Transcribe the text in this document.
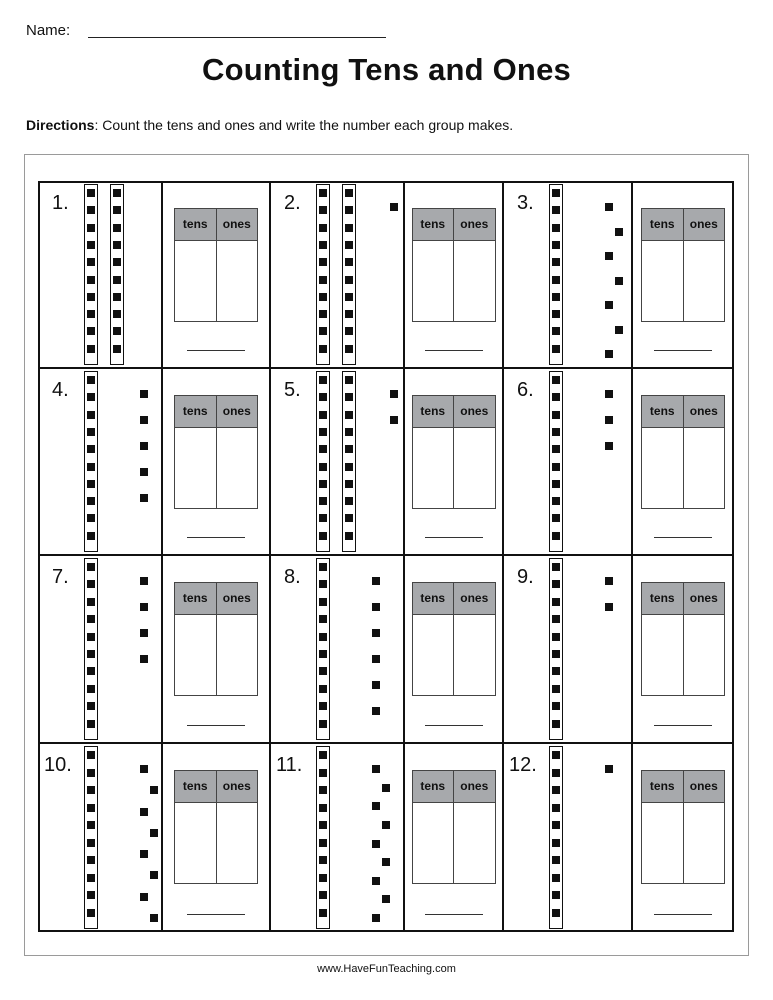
Name:
Counting Tens and Ones
Directions: Count the tens and ones and write the number each group makes.
1.
tens	ones
2.
tens	ones
3.
tens	ones
4.
tens	ones
5.
tens	ones
6.
tens	ones
7.
tens	ones
8.
tens	ones
9.
tens	ones
10.
tens	ones
11.
tens	ones
12.
tens	ones
www.HaveFunTeaching.com
